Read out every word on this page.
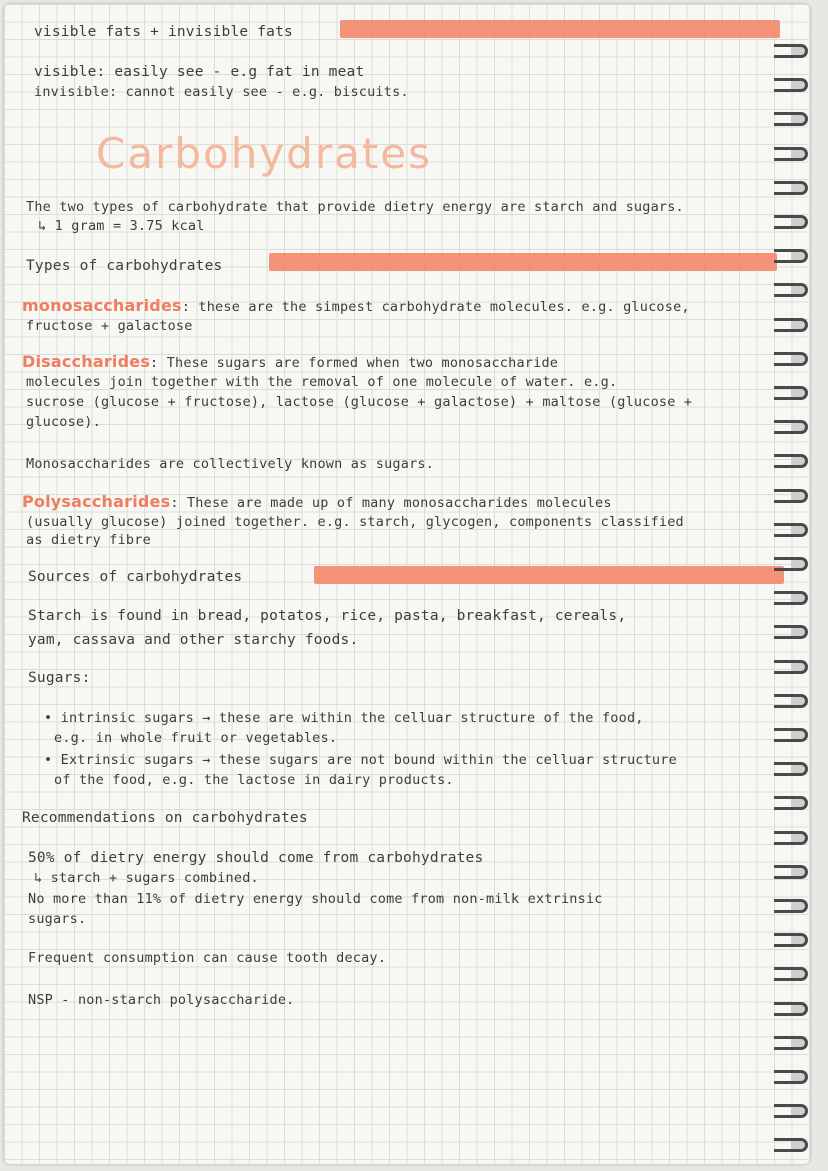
visible fats + invisible fats

visible: easily see - e.g fat in meat

invisible: cannot easily see - e.g. biscuits.

Carbohydrates

The two types of carbohydrate that provide dietry energy are starch and sugars.

↳ 1 gram = 3.75 kcal

Types of carbohydrates

monosaccharides: these are the simpest carbohydrate molecules. e.g. glucose,

fructose + galactose

Disaccharides: These sugars are formed when two monosaccharide

molecules join together with the removal of one molecule of water. e.g.

sucrose (glucose + fructose), lactose (glucose + galactose) + maltose (glucose +

glucose).

Monosaccharides are collectively known as sugars.

Polysaccharides: These are made up of many monosaccharides molecules

(usually glucose) joined together. e.g. starch, glycogen, components classified

as dietry fibre

Sources of carbohydrates

Starch is found in bread, potatos, rice, pasta, breakfast, cereals,

yam, cassava and other starchy foods.

Sugars:

• intrinsic sugars → these are within the celluar structure of the food,

e.g. in whole fruit or vegetables.

• Extrinsic sugars → these sugars are not bound within the celluar structure

of the food, e.g. the lactose in dairy products.

Recommendations on carbohydrates

50% of dietry energy should come from carbohydrates

↳ starch + sugars combined.

No more than 11% of dietry energy should come from non-milk extrinsic

sugars.

Frequent consumption can cause tooth decay.

NSP - non-starch polysaccharide.
